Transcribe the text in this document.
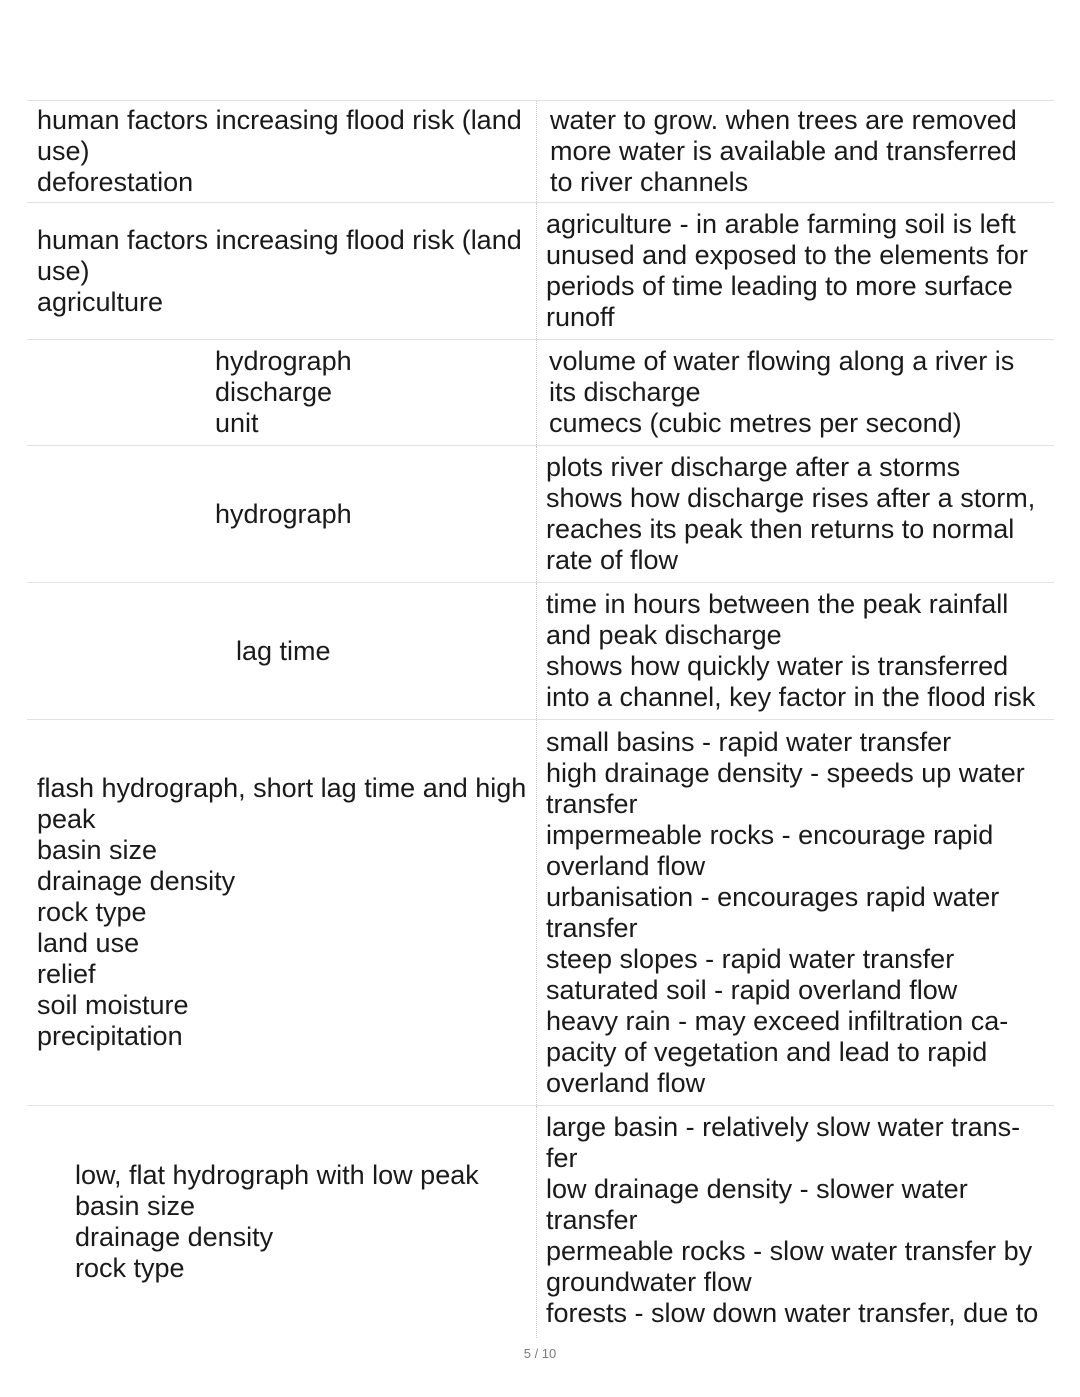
human factors increasing flood risk (land
use)
deforestation
water to grow. when trees are removed
more water is available and transferred
to river channels
human factors increasing flood risk (land
use)
agriculture
agriculture - in arable farming soil is left
unused and exposed to the elements for
periods of time leading to more surface
runoff
hydrograph
discharge
unit
volume of water flowing along a river is
its discharge
cumecs (cubic metres per second)
hydrograph
plots river discharge after a storms
shows how discharge rises after a storm,
reaches its peak then returns to normal
rate of flow
lag time
time in hours between the peak rainfall
and peak discharge
shows how quickly water is transferred
into a channel, key factor in the flood risk
flash hydrograph, short lag time and high
peak
basin size
drainage density
rock type
land use
relief
soil moisture
precipitation
small basins - rapid water transfer
high drainage density - speeds up water
transfer
impermeable rocks - encourage rapid
overland flow
urbanisation - encourages rapid water
transfer
steep slopes - rapid water transfer
saturated soil - rapid overland flow
heavy rain - may exceed infiltration ca-
pacity of vegetation and lead to rapid
overland flow
low, flat hydrograph with low peak
basin size
drainage density
rock type
large basin - relatively slow water trans-
fer
low drainage density - slower water
transfer
permeable rocks - slow water transfer by
groundwater flow
forests - slow down water transfer, due to
5 / 10
